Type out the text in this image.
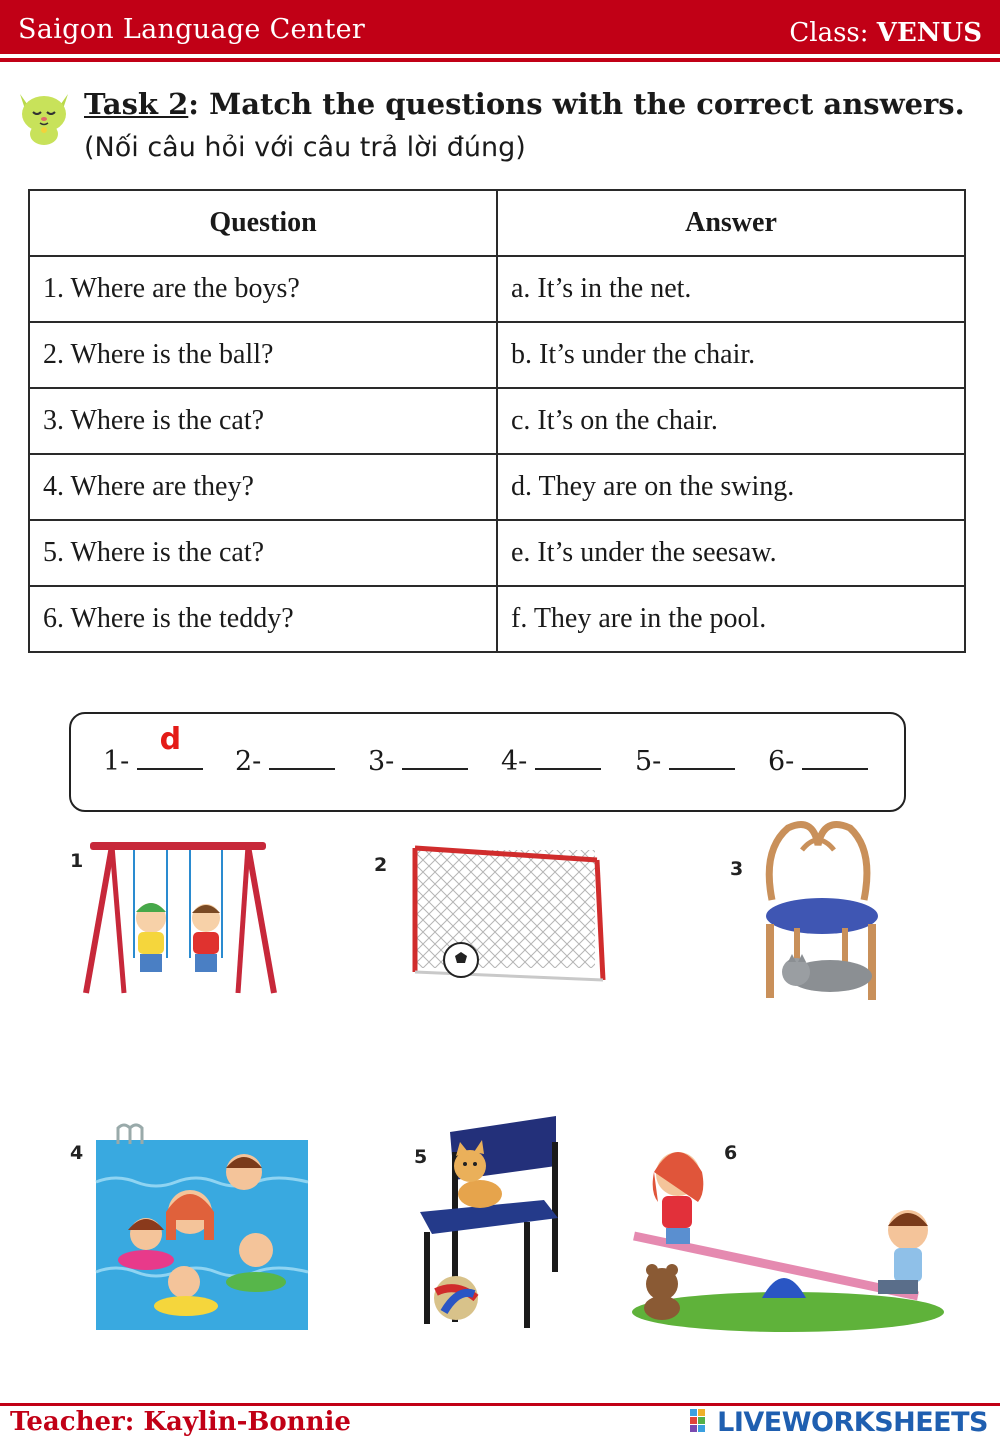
Saigon Language Center	Class: VENUS
Task 2: Match the questions with the correct answers. (Nối câu hỏi với câu trả lời đúng)
Question	Answer
1. Where are the boys?	a. It’s in the net.
2. Where is the ball?	b. It’s under the chair.
3. Where is the cat?	c. It’s on the chair.
4. Where are they?	d. They are on the swing.
5. Where is the cat?	e. It’s under the seesaw.
6. Where is the teddy?	f. They are in the pool.
1-
d
2-	3-	4-	5-	6-
1	2	3
4	5	6
Teacher: Kaylin-Bonnie	LIVEWORKSHEETS
